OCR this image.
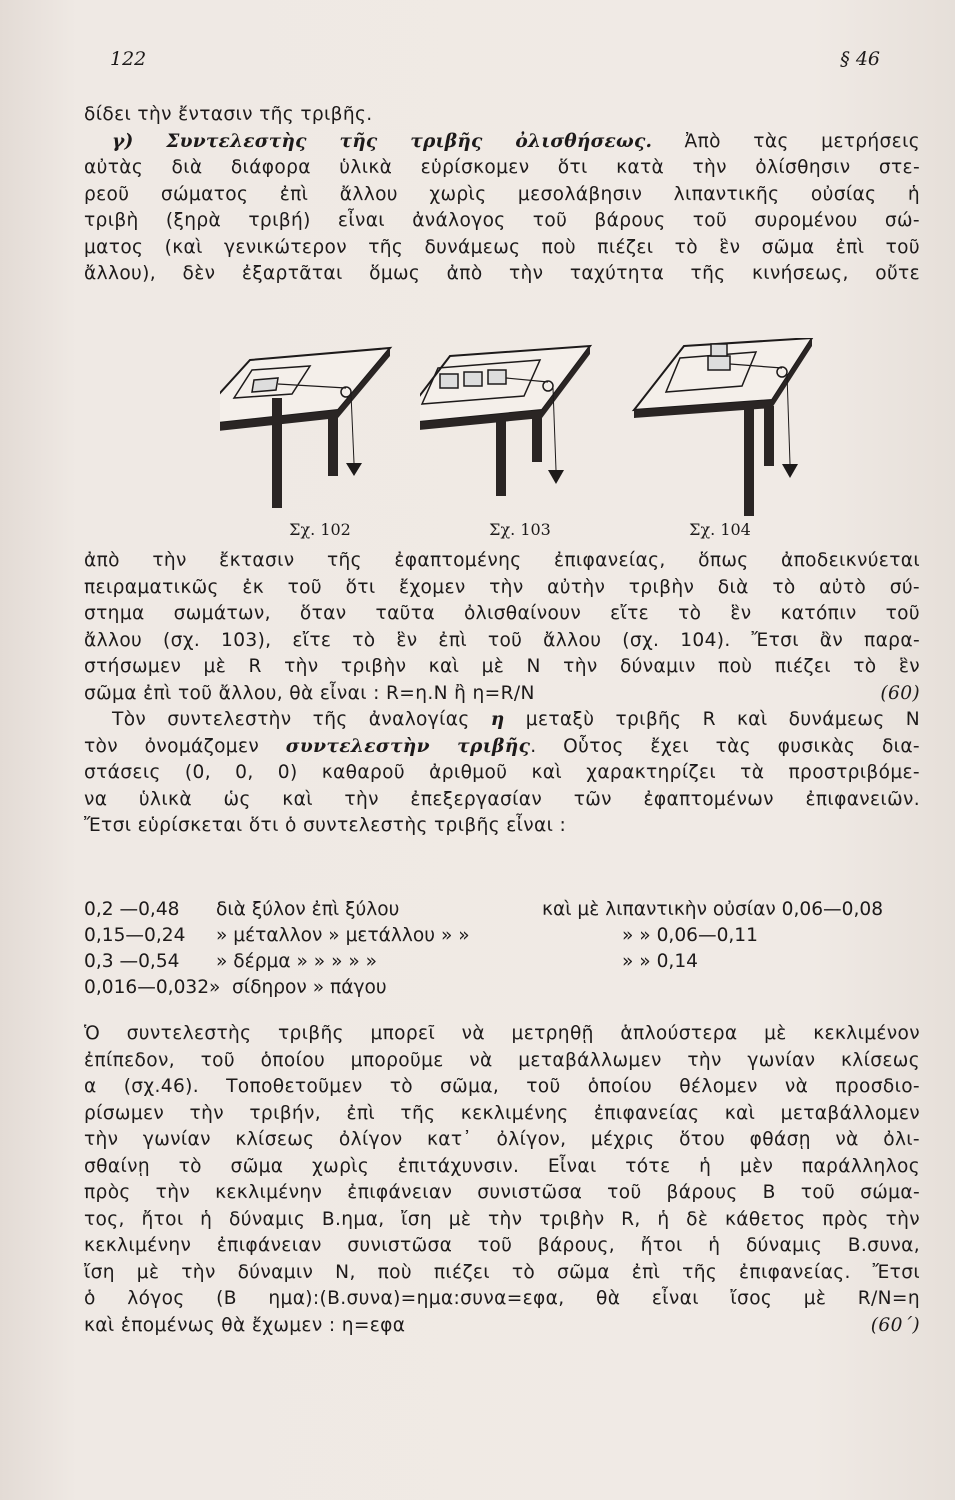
122	§ 46
δίδει τὴν ἔντασιν τῆς τριβῆς.
γ) Συντελεστὴς τῆς τριβῆς ὀλισθήσεως. Ἀπὸ τὰς μετρήσεις
αὐτὰς διὰ διάφορα ὑλικὰ εὑρίσκομεν ὅτι κατὰ τὴν ὀλίσθησιν στε-
ρεοῦ σώματος ἐπὶ ἄλλου χωρὶς μεσολάβησιν λιπαντικῆς οὐσίας ἡ
τριβὴ (ξηρὰ τριβή) εἶναι ἀνάλογος τοῦ βάρους τοῦ συρομένου σώ-
ματος (καὶ γενικώτερον τῆς δυνάμεως ποὺ πιέζει τὸ ἓν σῶμα ἐπὶ τοῦ
ἄλλου), δὲν ἐξαρτᾶται ὅμως ἀπὸ τὴν ταχύτητα τῆς κινήσεως, οὔτε
Σχ. 102	Σχ. 103	Σχ. 104
ἀπὸ τὴν ἔκτασιν τῆς ἐφαπτομένης ἐπιφανείας, ὅπως ἀποδεικνύεται
πειραματικῶς ἐκ τοῦ ὅτι ἔχομεν τὴν αὐτὴν τριβὴν διὰ τὸ αὐτὸ σύ-
στημα σωμάτων, ὅταν ταῦτα ὀλισθαίνουν εἴτε τὸ ἓν κατόπιν τοῦ
ἄλλου (σχ. 103), εἴτε τὸ ἓν ἐπὶ τοῦ ἄλλου (σχ. 104). Ἔτσι ἂν παρα-
στήσωμεν μὲ R τὴν τριβὴν καὶ μὲ N τὴν δύναμιν ποὺ πιέζει τὸ ἓν
σῶμα ἐπὶ τοῦ ἄλλου, θὰ εἶναι : R=η.N ἢ η=R/N	(60)
Τὸν συντελεστὴν τῆς ἀναλογίας η μεταξὺ τριβῆς R καὶ δυνάμεως N
τὸν ὀνομάζομεν συντελεστὴν τριβῆς. Οὗτος ἔχει τὰς φυσικὰς δια-
στάσεις (0, 0, 0) καθαροῦ ἀριθμοῦ καὶ χαρακτηρίζει τὰ προστριβόμε-
να ὑλικὰ ὡς καὶ τὴν ἐπεξεργασίαν τῶν ἐφαπτομένων ἐπιφανειῶν.
Ἔτσι εὑρίσκεται ὅτι ὁ συντελεστὴς τριβῆς εἶναι :
0,2 —0,48 διὰ ξύλον ἐπὶ ξύλου	καὶ μὲ λιπαντικὴν οὐσίαν 0,06—0,08
0,15—0,24 » μέταλλον » μετάλλου » »	» » 0,06—0,11
0,3 —0,54 » δέρμα » » » » »	» » 0,14
0,016—0,032» σίδηρον » πάγου
Ὁ συντελεστὴς τριβῆς μπορεῖ νὰ μετρηθῇ ἁπλούστερα μὲ κεκλιμένον
ἐπίπεδον, τοῦ ὁποίου μποροῦμε νὰ μεταβάλλωμεν τὴν γωνίαν κλίσεως
α (σχ.46). Τοποθετοῦμεν τὸ σῶμα, τοῦ ὁποίου θέλομεν νὰ προσδιο-
ρίσωμεν τὴν τριβήν, ἐπὶ τῆς κεκλιμένης ἐπιφανείας καὶ μεταβάλλομεν
τὴν γωνίαν κλίσεως ὀλίγον κατ᾽ ὀλίγον, μέχρις ὅτου φθάσῃ νὰ ὀλι-
σθαίνῃ τὸ σῶμα χωρὶς ἐπιτάχυνσιν. Εἶναι τότε ἡ μὲν παράλληλος
πρὸς τὴν κεκλιμένην ἐπιφάνειαν συνιστῶσα τοῦ βάρους B τοῦ σώμα-
τος, ἤτοι ἡ δύναμις B.ημα, ἴση μὲ τὴν τριβὴν R, ἡ δὲ κάθετος πρὸς τὴν
κεκλιμένην ἐπιφάνειαν συνιστῶσα τοῦ βάρους, ἤτοι ἡ δύναμις B.συνα,
ἴση μὲ τὴν δύναμιν N, ποὺ πιέζει τὸ σῶμα ἐπὶ τῆς ἐπιφανείας. Ἔτσι
ὁ λόγος (B ημα):(B.συνα)=ημα:συνα=εφα, θὰ εἶναι ἴσος μὲ R/N=η
καὶ ἑπομένως θὰ ἔχωμεν : η=εφα	(60΄)
